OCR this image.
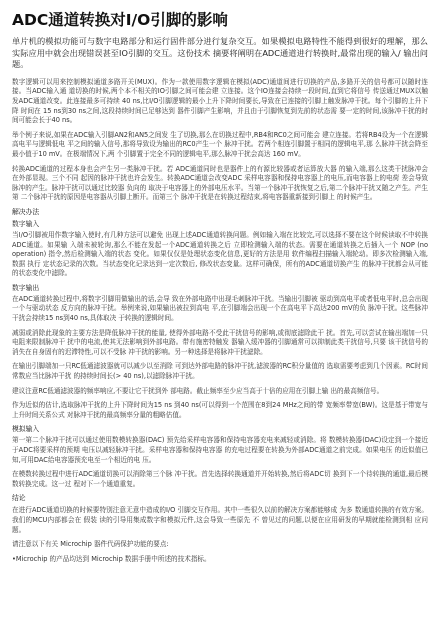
ADC通道转换对I/O引脚的影响

单片机的模拟功能可与数字电路部分和运行固件部分进行复杂交互。如果模拟电路特性不能得到很好的理解，那么实际应用中就会出现错误甚至IO引脚的交互。这份技术 摘要将阐明在ADC通道进行转换时,最常出现的输入/ 输出问题。

数字逻辑可以用来控制模拟通道多路开关(MUX)。作为一款使用数字逻辑在模拟(ADC)通道间进行切换的产品,多路开关的信号都可以随时连接。当ADC输入通 道切换的时候,两个本不相关的IO引脚之间可能会建 立连接。这个IO连接会持续一段时间,直到它将信号 传送通过MUX以触发ADC通道改变。此连接最多可持续 40 ns,比I/O引脚逻辑的最小上升下降时间要长,导致在已连接的引脚上触发脉冲干扰。每个引脚的上升下降 时间在 15 ns到30 ns之间,这段持续时间已足够达到 器件引脚产生影响，并且由于引脚恢复到先前的状态需 要一定的时间,该脉冲干扰的时间可能会长于40 ns。

举个例子来说,如果在ADC输入引脚AN2和AN5之间发 生了切换,那么在切换过程中,RB4和RC0之间可能会 建立连接。若将RB4设为一个在逻辑高电平与逻辑低电 平之间的输入信号,那将导致设为输出的RC0产生一个 脉冲干扰。若两个相连引脚置于相同的逻辑电平,那 么脉冲干扰会降至最小值于10 mV。在极端情况下,两 个引脚置于完全不同的逻辑电平,那么脉冲干扰会高达 160 mV。

转换ADC通道的过程本身也会产生另一类脉冲干扰。若 ADC通道同时也是器件上的有源比较器或者运算放大器 的输入端,那么这类干扰脉冲会在外部显现。三个不同 起因的脉冲干扰也许会发生。转换ADC通道会改变ADC 采样电容器和保持电容器上的电压,而电容器上的电荷 差会导致脉冲的产生。脉冲干扰可以通过比较器 负向的 取决于电容器上的外部电压水平。当第一个脉冲干扰恢复之后,第二个脉冲干扰又随之产生。产生第 二个脉冲干扰的原因是电容器从引脚上断开。而第三个 脉冲干扰是在转换过程结束,将电容器重新接到引脚上 的时候产生。

解决办法
数字输入

当I/O引脚被用作数字输入使时,有几种方法可以避免 出现上述ADC通道转换问题。例如输入端在比较完,可以选择不要在这个时候读取不中转换ADC通道。如果输 入端未被轮询,那么不能在发起一个ADC通道转换之后 立即检测输入端的状态。需要在通道转换之后插入一个 NOP (no operation) 指令,然后检测输入端的状态 变化。如果仅仅是处理状态变化信息,更好的方法是用 软件编程扫描输入端轮动。即多次检测输入端,数据 执行 定状态记录的次数。当状态变化记录达到一定次数后, 修改状态变量。这样可确保，所有的ADC通道切换产生 的脉冲干扰都会从可能的状态变化中滤除。

数字输出

在ADC通道转换过程中,将数字引脚用做输出的话,会导 致在外部电路中出现毛刺脉冲干扰。当输出引脚被 驱动到高电平或者低电平时,总会出现一个与驱动状态 反方向的脉冲干扰。举例来说,如果输出被拉到高电 平,在引脚端会出现一个在高电平下高达200 mV的负 脉冲干扰。这些脉冲干扰会持续15 ns到40 ns,具体取决 于转换的逻辑时间。

减弱或消除此现象的主要方法是降低脉冲干扰的能量, 使得外部电路不受此干扰信号的影响,或彻底滤除此干 扰。首先,可以尝试在输出端加一只电阻来限制脉冲干 扰中的电流,使其无法影响到外部电路。带有施密特触发 器输入缓冲器的引脚通常可以抑制此类干扰信号,只要 该干扰信号的消失在自身固有的迟滞特性,可以不受脉 冲干扰的影响。另一种选择是将脉冲干扰滤除。

在输出引脚端加一只RC低通滤波器就可以减少以至消除 可到达外部电路的脉冲干扰,滤波器的RC积分量值的 选取需要考虑到几个因素。RC时间常数应当比脉冲干扰 的持续时间长(> 40 ns),以滤除脉冲干扰。

建议注意RC低通滤波器的频率响应,不要让它干扰到外 部电路。截止频率至少应当高于十倍的应用在引脚上输 出的最高频信号。

作为近似的估计,选取脉冲干扰的上升下降时间为15 ns 到40 ns(可以得到一个范围在8到24 MHz之间的带 宽频率带宽(BW)。这是基于带宽与上升时间关系公式 对脉冲干扰的最高频率分量的粗略估值。

模拟输入

第一第二个脉冲干扰可以通过使用数模转换器(DAC) 预先给采样电容器和保持电容器充电来减轻或消除。将 数模转换器(DAC)设定到一个接近于ADC将要采样的预期 电压以减轻脉冲干扰。采样电容器和保持电容器 的充电过程要在转换为外部ADC通道之前完成。如果电压 的近似值已知,可用DAC给电容器预充电至一个相近的电 压。

在模数转换过程中进行ADC通道切换可以消除第三个脉 冲干扰。首先选择转换通道并开始转换,然后将ADC切 换到下一个待转换的通道,最后模数转换完成。这一过 程对下一个通道重复。

结论

在进行ADC通道切换的时候要特别注意无意中造成的I/O 引脚交互作用。其中一些很久以前的解决方案都能够成 为多 数通道转换的有效方案。我们的MCU内部都会在 假装 读的引导用集成数字和模拟元件,这会导致一些原先 不 曾见过的问题,以便在应用研发的早期就能检测到相 应问题。

请注意以下有关 Microchip 器件代码保护功能的要点:

•Microchip 的产品均达到 Microchip 数据手册中所述的技术指标。
